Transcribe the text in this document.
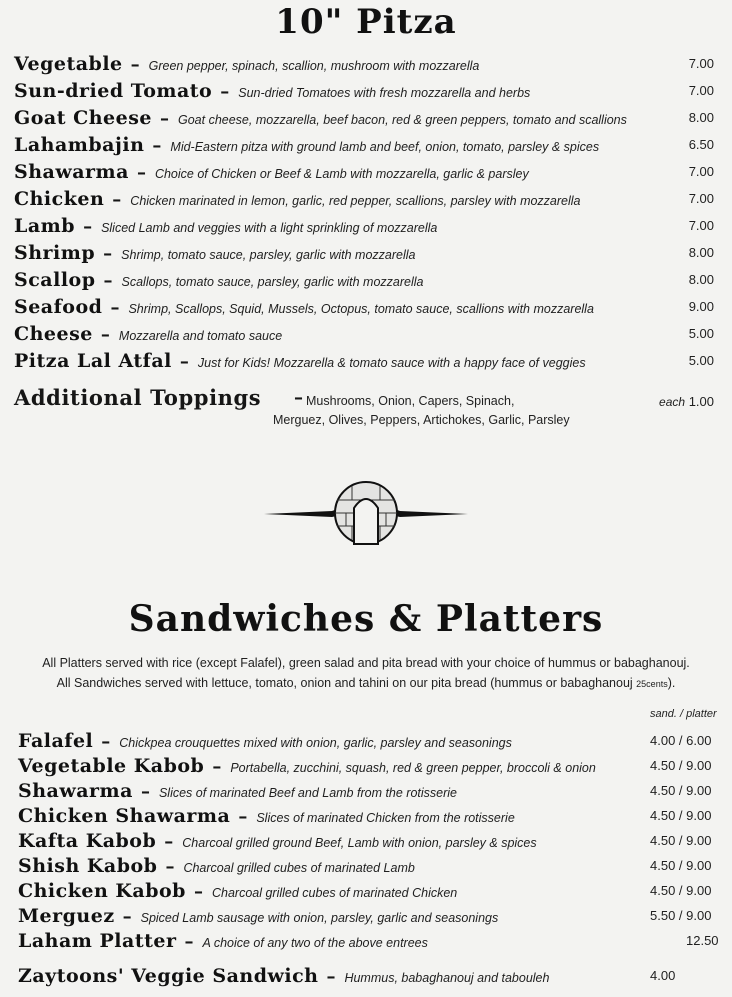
10" Pitza
Vegetable – Green pepper, spinach, scallion, mushroom with mozzarella	7.00
Sun-dried Tomato – Sun-dried Tomatoes with fresh mozzarella and herbs	7.00
Goat Cheese – Goat cheese, mozzarella, beef bacon, red & green peppers, tomato and scallions	8.00
Lahambajin – Mid-Eastern pitza with ground lamb and beef, onion, tomato, parsley & spices	6.50
Shawarma – Choice of Chicken or Beef & Lamb with mozzarella, garlic & parsley	7.00
Chicken – Chicken marinated in lemon, garlic, red pepper, scallions, parsley with mozzarella	7.00
Lamb – Sliced Lamb and veggies with a light sprinkling of mozzarella	7.00
Shrimp – Shrimp, tomato sauce, parsley, garlic with mozzarella	8.00
Scallop – Scallops, tomato sauce, parsley, garlic with mozzarella	8.00
Seafood – Shrimp, Scallops, Squid, Mussels, Octopus, tomato sauce, scallions with mozzarella	9.00
Cheese – Mozzarella and tomato sauce	5.00
Pitza Lal Atfal – Just for Kids! Mozzarella & tomato sauce with a happy face of veggies	5.00
Additional Toppings – Mushrooms, Onion, Capers, Spinach,
Merguez, Olives, Peppers, Artichokes, Garlic, Parsley
each 1.00
Sandwiches & Platters
All Platters served with rice (except Falafel), green salad and pita bread with your choice of hummus or babaghanouj.
All Sandwiches served with lettuce, tomato, onion and tahini on our pita bread (hummus or babaghanouj 25cents).
sand. / platter
Falafel – Chickpea crouquettes mixed with onion, garlic, parsley and seasonings	4.00 / 6.00
Vegetable Kabob – Portabella, zucchini, squash, red & green pepper, broccoli & onion	4.50 / 9.00
Shawarma – Slices of marinated Beef and Lamb from the rotisserie	4.50 / 9.00
Chicken Shawarma – Slices of marinated Chicken from the rotisserie	4.50 / 9.00
Kafta Kabob – Charcoal grilled ground Beef, Lamb with onion, parsley & spices	4.50 / 9.00
Shish Kabob – Charcoal grilled cubes of marinated Lamb	4.50 / 9.00
Chicken Kabob – Charcoal grilled cubes of marinated Chicken	4.50 / 9.00
Merguez – Spiced Lamb sausage with onion, parsley, garlic and seasonings	5.50 / 9.00
Laham Platter – A choice of any two of the above entrees	12.50
Zaytoons' Veggie Sandwich – Hummus, babaghanouj and tabouleh	4.00
